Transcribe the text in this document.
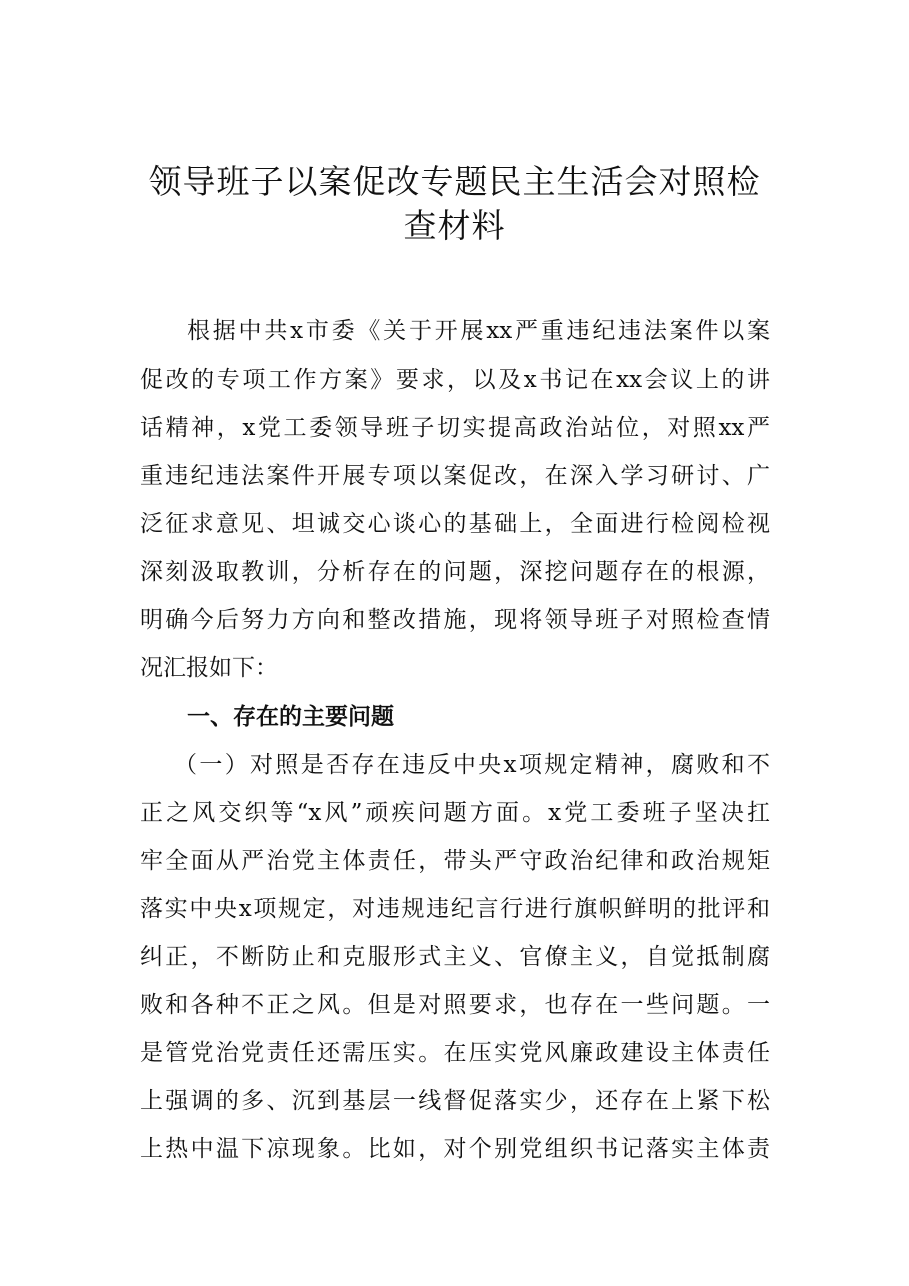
领导班子以案促改专题民主生活会对照检
查材料
根据中共x市委《关于开展xx严重违纪违法案件以案
促改的专项工作方案》要求，以及x书记在xx会议上的讲
话精神，x党工委领导班子切实提高政治站位，对照xx严
重违纪违法案件开展专项以案促改，在深入学习研讨、广
泛征求意见、坦诚交心谈心的基础上，全面进行检阅检视
深刻汲取教训，分析存在的问题，深挖问题存在的根源，
明确今后努力方向和整改措施，现将领导班子对照检查情
况汇报如下：
一、存在的主要问题
（一）对照是否存在违反中央x项规定精神，腐败和不
正之风交织等“x风”顽疾问题方面。x党工委班子坚决扛
牢全面从严治党主体责任，带头严守政治纪律和政治规矩
落实中央x项规定，对违规违纪言行进行旗帜鲜明的批评和
纠正，不断防止和克服形式主义、官僚主义，自觉抵制腐
败和各种不正之风。但是对照要求，也存在一些问题。一
是管党治党责任还需压实。在压实党风廉政建设主体责任
上强调的多、沉到基层一线督促落实少，还存在上紧下松
上热中温下凉现象。比如，对个别党组织书记落实主体责
